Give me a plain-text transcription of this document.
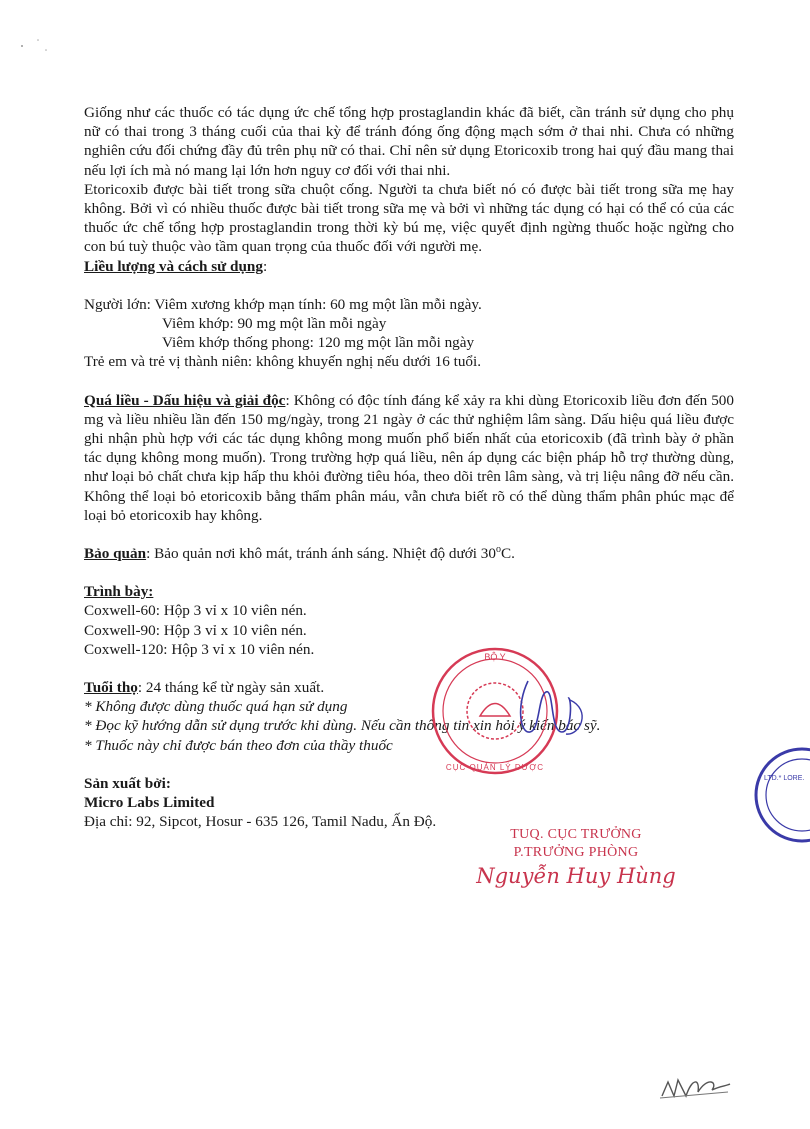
Giống như các thuốc có tác dụng ức chế tổng hợp prostaglandin khác đã biết, cần tránh sử dụng cho phụ nữ có thai trong 3 tháng cuối của thai kỳ để tránh đóng ống động mạch sớm ở thai nhi. Chưa có những nghiên cứu đối chứng đầy đủ trên phụ nữ có thai. Chỉ nên sử dụng Etoricoxib trong hai quý đầu mang thai nếu lợi ích mà nó mang lại lớn hơn nguy cơ đối với thai nhi.

Etoricoxib được bài tiết trong sữa chuột cống. Người ta chưa biết nó có được bài tiết trong sữa mẹ hay không. Bởi vì có nhiều thuốc được bài tiết trong sữa mẹ và bởi vì những tác dụng có hại có thể có của các thuốc ức chế tổng hợp prostaglandin trong thời kỳ bú mẹ, việc quyết định ngừng thuốc hoặc ngừng cho con bú tuỳ thuộc vào tầm quan trọng của thuốc đối với người mẹ.

Liều lượng và cách sử dụng:

Người lớn: Viêm xương khớp mạn tính: 60 mg một lần mỗi ngày.

Viêm khớp: 90 mg một lần mỗi ngày

Viêm khớp thống phong: 120 mg một lần mỗi ngày

Trẻ em và trẻ vị thành niên: không khuyến nghị nếu dưới 16 tuổi.

Quá liều - Dấu hiệu và giải độc: Không có độc tính đáng kể xảy ra khi dùng Etoricoxib liều đơn đến 500 mg và liều nhiều lần đến 150 mg/ngày, trong 21 ngày ở các thử nghiệm lâm sàng. Dấu hiệu quá liều được ghi nhận phù hợp với các tác dụng không mong muốn phổ biến nhất của etoricoxib (đã trình bày ở phần tác dụng không mong muốn). Trong trường hợp quá liều, nên áp dụng các biện pháp hỗ trợ thường dùng, như loại bỏ chất chưa kịp hấp thu khỏi đường tiêu hóa, theo dõi trên lâm sàng, và trị liệu nâng đỡ nếu cần. Không thể loại bỏ etoricoxib bằng thẩm phân máu, vẫn chưa biết rõ có thể dùng thẩm phân phúc mạc để loại bỏ etoricoxib hay không.

Bảo quản: Bảo quản nơi khô mát, tránh ánh sáng. Nhiệt độ dưới 30$^o$C.

Trình bày:

Coxwell-60: Hộp 3 vỉ x 10 viên nén.

Coxwell-90: Hộp 3 vỉ x 10 viên nén.

Coxwell-120: Hộp 3 vỉ x 10 viên nén.

Tuổi thọ: 24 tháng kể từ ngày sản xuất.

* Không được dùng thuốc quá hạn sử dụng

* Đọc kỹ hướng dẫn sử dụng trước khi dùng. Nếu cần thông tin xin hỏi ý kiến bác sỹ.

* Thuốc này chỉ được bán theo đơn của thầy thuốc

Sản xuất bởi:

Micro Labs Limited

Địa chỉ: 92, Sipcot, Hosur - 635 126, Tamil Nadu, Ấn Độ.

BỘ Y
CỤC QUẢN LÝ DƯỢC
TUQ. CỤC TRƯỞNG
P.TRƯỞNG PHÒNG
Nguyễn Huy Hùng
LTD.* LORE.
